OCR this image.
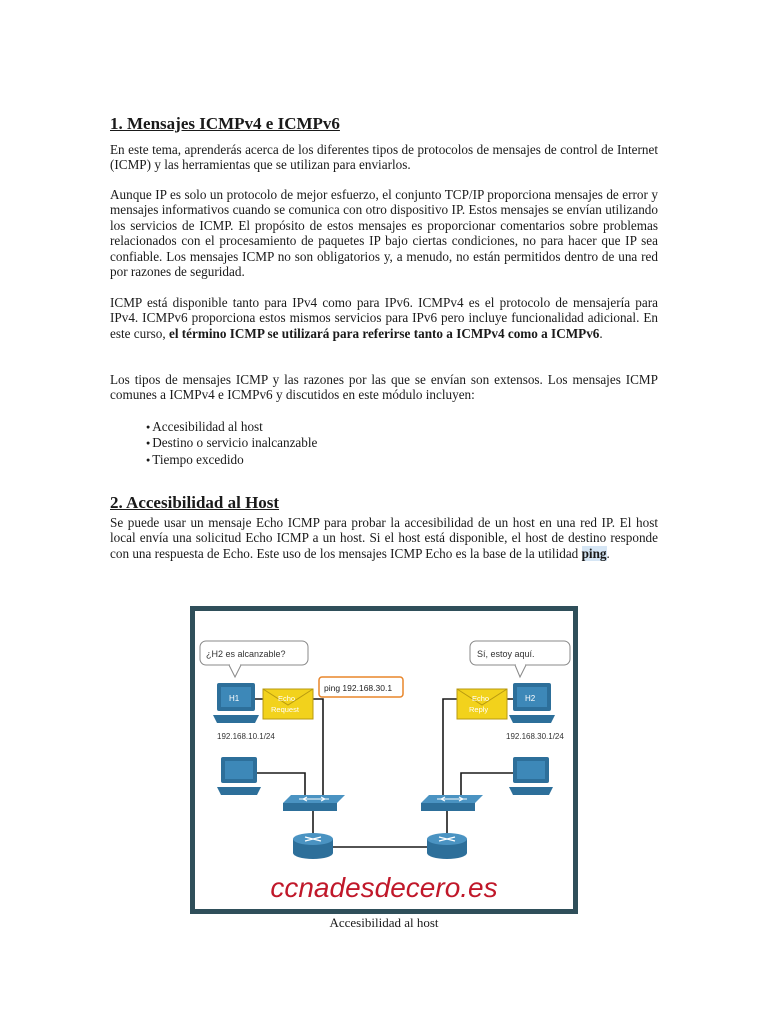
1. Mensajes ICMPv4 e ICMPv6

En este tema, aprenderás acerca de los diferentes tipos de protocolos de mensajes de control de Internet (ICMP) y las herramientas que se utilizan para enviarlos.

Aunque IP es solo un protocolo de mejor esfuerzo, el conjunto TCP/IP proporciona mensajes de error y mensajes informativos cuando se comunica con otro dispositivo IP. Estos mensajes se envían utilizando los servicios de ICMP. El propósito de estos mensajes es proporcionar comentarios sobre problemas relacionados con el procesamiento de paquetes IP bajo ciertas condiciones, no para hacer que IP sea confiable. Los mensajes ICMP no son obligatorios y, a menudo, no están permitidos dentro de una red por razones de seguridad.

ICMP está disponible tanto para IPv4 como para IPv6. ICMPv4 es el protocolo de mensajería para IPv4. ICMPv6 proporciona estos mismos servicios para IPv6 pero incluye funcionalidad adicional. En este curso, el término ICMP se utilizará para referirse tanto a ICMPv4 como a ICMPv6.

Los tipos de mensajes ICMP y las razones por las que se envían son extensos. Los mensajes ICMP comunes a ICMPv4 e ICMPv6 y discutidos en este módulo incluyen:

● Accesibilidad al host
● Destino o servicio inalcanzable
● Tiempo excedido
2. Accesibilidad al Host

Se puede usar un mensaje Echo ICMP para probar la accesibilidad de un host en una red IP. El host local envía una solicitud Echo ICMP a un host. Si el host está disponible, el host de destino responde con una respuesta de Echo. Este uso de los mensajes ICMP Echo es la base de la utilidad ping.

¿H2 es alcanzable?	Sí, estoy aquí.
ping 192.168.30.1
H1	Echo
Request
192.168.10.1/24
H2
Echo
Reply
192.168.30.1/24
ccnadesdecero.es
Accesibilidad al host
